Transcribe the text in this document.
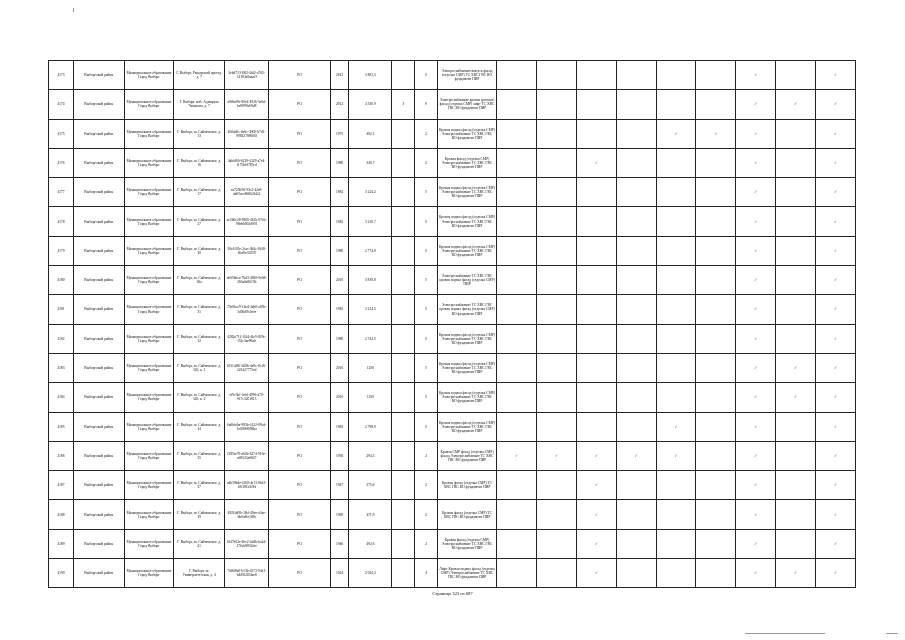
4173	Выборгский район	Муниципальное образование Город Выборг	Г. Выборг, Рыцарский проезд, д. 7	2ebd713-8ff2-4fd2-a765-14183a8aaa2f	РО	2012	3 881,3		5	Электроснабжение выпуск фасад (отделка СМР) ТС ХВС ГВС ВО фундамент ПИР							✓		✓
4174	Выборгский район	Муниципальное образование Город Выборг	Г. Выборг, наб. Адмирала Чичагова, д. 7	a8ffbe96-90e4-4926-3e6d-be9899e69d8	РО	2012	4 530,9	3	9	Электроснабжение кровля (ремонт) фасад (отделка СМР) лифт ТС ХВС ГВС ВО фундамент ПИР							✓	✓	✓
4175	Выборгский район	Муниципальное образование Город Выборг	Г. Выборг, ш. Сайменское, д. 13	4b0ab0c-6e6c-4905-b7d1-898437886f65	РО	1975	492,1		2	Кровля подвал фасад (отделка СМР) Электроснабжение ТС ХВС ГВС ВО фундамент ПИР					✓	✓	✓		✓
4176	Выборгский район	Муниципальное образование Город Выборг	Г. Выборг, ш. Сайменское, д. 16	4abfd06-6239-4329-a7e4-f175b6f785cd	РО	1980	340,7		2	Кровля фасад (отделка СМР) Электроснабжение ТС ХВС ГВС ВО фундамент ПИР			✓				✓		✓
4177	Выборгский район	Муниципальное образование Город Выборг	Г. Выборг, ш. Сайменское, д. 17	ea725b58-93c2-42e8-ab05ace8b962b2f2	РО	1982	3 224,2		5	Кровля подвал фасад (отделка СМР) Электроснабжение ТС ХВС ГВС ВО фундамент ПИР							✓		✓
4178	Выборгский район	Муниципальное образование Город Выборг	Г. Выборг, ш. Сайменское, д. 27	ac5b0c28-8300-4b1b-97eb-98ebb002d901	РО	1982	3 216,7		5	Кровля подвал фасад (отделка СМР) Электроснабжение ТС ХВС ГВС ВО фундамент ПИР							✓		✓
4179	Выборгский район	Муниципальное образование Город Выборг	Г. Выборг, ш. Сайменское, д. 30	30e1f45e-2cac-4b2c-8f48-fbcf6e33559	РО	1980	2 774,8		5	Кровля подвал фасад (отделка СМР) Электроснабжение ТС ХВС ГВС ВО фундамент ПИР							✓		✓
4180	Выборгский район	Муниципальное образование Город Выборг	Г. Выборг, ш. Сайменское, д. 30а	de65bbca-76d3-4849-9e68-263a6a8619b	РО	2010	3 839,8		5	Электроснабжение ТС ХВС ГВС кровля подвал фасад (отделка СМР) ПИР							✓		✓
4181	Выборгский район	Муниципальное образование Город Выборг	Г. Выборг, ш. Сайменское, д. 31	75e0bcc9-1bcd-4de0-a65b-3d0b49c4eee	РО	1983	3 214,5		5	Электроснабжение ТС ХВС ГВС кровля подвал фасад (отделка СМР) ВО фундамент ПИР							✓		✓
4182	Выборгский район	Муниципальное образование Город Выборг	Г. Выборг, ш. Сайменское, д. 32	4282e712-f344-4fe5-829c-f52c3ae96ab	РО	1980	2 742,5		5	Кровля подвал фасад (отделка СМР) Электроснабжение ТС ХВС ГВС ВО фундамент ПИР							✓		✓
4183	Выборгский район	Муниципальное образование Город Выборг	Г. Выборг, ш. Сайменское, д. 32б, к. 1	6f314d9f-d28b-4a9c-8c16-223427775ed	РО	2016	1250		5	Кровля подвал фасад (отделка СМР) Электроснабжение ТС ХВС ГВС ВО фундамент ПИР							✓	✓	✓
4184	Выборгский район	Муниципальное образование Город Выборг	Г. Выборг, ш. Сайменское, д. 32б, к. 2	ef9c3bf-3ebf-4896-a70-917c3201813	РО	2016	1250		5	Кровля подвал фасад (отделка СМР) Электроснабжение ТС ХВС ГВС ВО фундамент ПИР							✓	✓	✓
4185	Выборгский район	Муниципальное образование Город Выборг	Г. Выборг, ш. Сайменское, д. 34	6a0bfe6a-983b-4122-89cd-1e0f868f58ba	РО	1983	2 798,9		5	Кровля подвал фасад (отделка СМР) Электроснабжение ТС ХВС ГВС ВО фундамент ПИР					✓		✓		✓
4186	Выборгский район	Муниципальное образование Город Выборг	Г. Выборг, ш. Сайменское, д. 35	f285fe70-a62b-4474-916e-a69523a6847	РО	1930	294,3		2	Кровля СМР фасад (отделка СМР) фасад Электроснабжение ТС ХВС ГВС ВО фундамент ПИР	✓	✓	✓	✓	✓		✓		✓
4187	Выборгский район	Муниципальное образование Город Выборг	Г. Выборг, ш. Сайменское, д. 37	a4b39b4e-f260-4e13-8b43-1f6381b1f9d	РО	1947	375,6		2	Кровля фасад (отделка СМР) ТС ХВС ГВС ВО фундамент ПИР			✓				✓		✓
4188	Выборгский район	Муниципальное образование Город Выборг	Г. Выборг, ш. Сайменское, д. 39	4921dd9b-3fbf-40ee-a3ae-bb0a8fe1f8b	РО	1969	471,9		2	Кровля фасад (отделка СМР) ТС ХВС ГВС ВО фундамент ПИР			✓				✓		✓
4189	Выборгский район	Муниципальное образование Город Выборг	Г. Выборг, ш. Сайменское, д. 41	6f47b52e-8ec2-4d4b-ba2d-276cb983f2ee	РО	1946	492,6		2	Кровля фасад (отделка СМР) Электроснабжение ТС ХВС ГВС ВО фундамент ПИР			✓				✓		✓
4190	Выборгский район	Муниципальное образование Город Выборг	Г. Выборг, ш. Университетская, д. 4	7fd6f8a0-613b-4373-94e3-b4f002f04ae8	РО	1924	2 024,3		4	Лифт Кровля подвал фасад (отделка СМР) Электроснабжение ТС ХВС ГВС ВО фундамент ПИР			✓				✓	✓	✓
Страница 323 из 687
